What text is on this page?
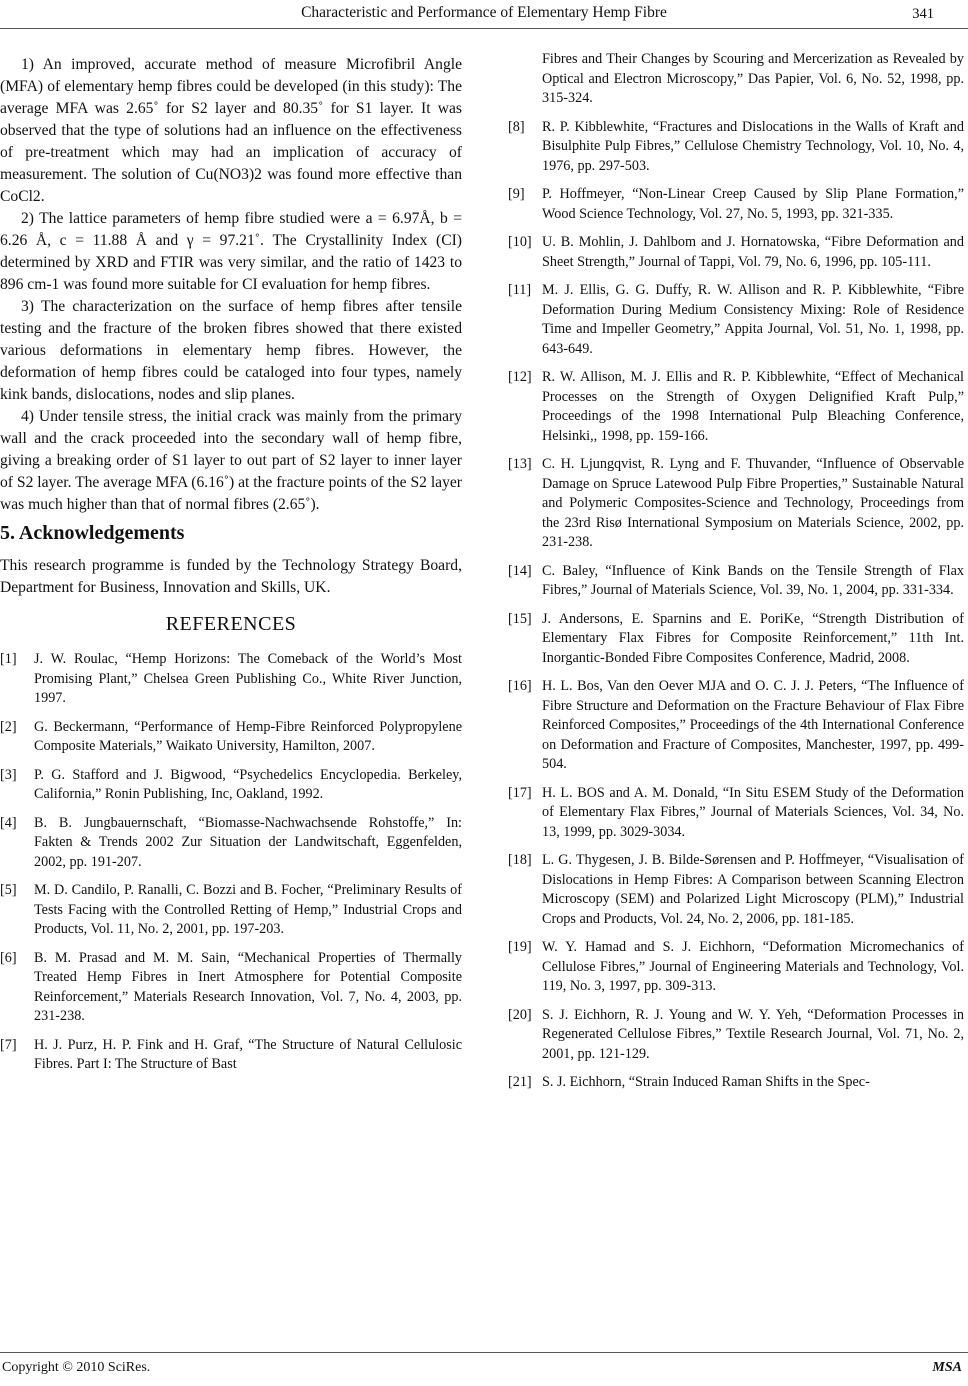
Characteristic and Performance of Elementary Hemp Fibre	341

1) An improved, accurate method of measure Microfibril Angle (MFA) of elementary hemp fibres could be developed (in this study): The average MFA was 2.65˚ for S2 layer and 80.35˚ for S1 layer. It was observed that the type of solutions had an influence on the effectiveness of pre-treatment which may had an implication of accuracy of measurement. The solution of Cu(NO3)2 was found more effective than CoCl2.

2) The lattice parameters of hemp fibre studied were a = 6.97Å, b = 6.26 Å, c = 11.88 Å and γ = 97.21˚. The Crystallinity Index (CI) determined by XRD and FTIR was very similar, and the ratio of 1423 to 896 cm-1 was found more suitable for CI evaluation for hemp fibres.

3) The characterization on the surface of hemp fibres after tensile testing and the fracture of the broken fibres showed that there existed various deformations in elementary hemp fibres. However, the deformation of hemp fibres could be cataloged into four types, namely kink bands, dislocations, nodes and slip planes.

4) Under tensile stress, the initial crack was mainly from the primary wall and the crack proceeded into the secondary wall of hemp fibre, giving a breaking order of S1 layer to out part of S2 layer to inner layer of S2 layer. The average MFA (6.16˚) at the fracture points of the S2 layer was much higher than that of normal fibres (2.65˚).

5. Acknowledgements

This research programme is funded by the Technology Strategy Board, Department for Business, Innovation and Skills, UK.

REFERENCES
[1]	J. W. Roulac, “Hemp Horizons: The Comeback of the World’s Most Promising Plant,” Chelsea Green Publishing Co., White River Junction, 1997.
[2]	G. Beckermann, “Performance of Hemp-Fibre Reinforced Polypropylene Composite Materials,” Waikato University, Hamilton, 2007.
[3]	P. G. Stafford and J. Bigwood, “Psychedelics Encyclopedia. Berkeley, California,” Ronin Publishing, Inc, Oakland, 1992.
[4]	B. B. Jungbauernschaft, “Biomasse-Nachwachsende Rohstoffe,” In: Fakten & Trends 2002 Zur Situation der Landwitschaft, Eggenfelden, 2002, pp. 191-207.
[5]	M. D. Candilo, P. Ranalli, C. Bozzi and B. Focher, “Preliminary Results of Tests Facing with the Controlled Retting of Hemp,” Industrial Crops and Products, Vol. 11, No. 2, 2001, pp. 197-203.
[6]	B. M. Prasad and M. M. Sain, “Mechanical Properties of Thermally Treated Hemp Fibres in Inert Atmosphere for Potential Composite Reinforcement,” Materials Research Innovation, Vol. 7, No. 4, 2003, pp. 231-238.
[7]	H. J. Purz, H. P. Fink and H. Graf, “The Structure of Natural Cellulosic Fibres. Part I: The Structure of Bast
Fibres and Their Changes by Scouring and Mercerization as Revealed by Optical and Electron Microscopy,” Das Papier, Vol. 6, No. 52, 1998, pp. 315-324.
[8]	R. P. Kibblewhite, “Fractures and Dislocations in the Walls of Kraft and Bisulphite Pulp Fibres,” Cellulose Chemistry Technology, Vol. 10, No. 4, 1976, pp. 297-503.
[9]	P. Hoffmeyer, “Non-Linear Creep Caused by Slip Plane Formation,” Wood Science Technology, Vol. 27, No. 5, 1993, pp. 321-335.
[10] U. B. Mohlin, J. Dahlbom and J. Hornatowska, “Fibre Deformation and Sheet Strength,” Journal of Tappi, Vol. 79, No. 6, 1996, pp. 105-111.
[11] M. J. Ellis, G. G. Duffy, R. W. Allison and R. P. Kibblewhite, “Fibre Deformation During Medium Consistency Mixing: Role of Residence Time and Impeller Geometry,” Appita Journal, Vol. 51, No. 1, 1998, pp. 643-649.
[12] R. W. Allison, M. J. Ellis and R. P. Kibblewhite, “Effect of Mechanical Processes on the Strength of Oxygen Delignified Kraft Pulp,” Proceedings of the 1998 International Pulp Bleaching Conference, Helsinki,, 1998, pp. 159-166.
[13] C. H. Ljungqvist, R. Lyng and F. Thuvander, “Influence of Observable Damage on Spruce Latewood Pulp Fibre Properties,” Sustainable Natural and Polymeric Composites-Science and Technology, Proceedings from the 23rd Risø International Symposium on Materials Science, 2002, pp. 231-238.
[14] C. Baley, “Influence of Kink Bands on the Tensile Strength of Flax Fibres,” Journal of Materials Science, Vol. 39, No. 1, 2004, pp. 331-334.
[15] J. Andersons, E. Sparnins and E. PoriKe, “Strength Distribution of Elementary Flax Fibres for Composite Reinforcement,” 11th Int. Inorgantic-Bonded Fibre Composites Conference, Madrid, 2008.
[16] H. L. Bos, Van den Oever MJA and O. C. J. J. Peters, “The Influence of Fibre Structure and Deformation on the Fracture Behaviour of Flax Fibre Reinforced Composites,” Proceedings of the 4th International Conference on Deformation and Fracture of Composites, Manchester, 1997, pp. 499-504.
[17] H. L. BOS and A. M. Donald, “In Situ ESEM Study of the Deformation of Elementary Flax Fibres,” Journal of Materials Sciences, Vol. 34, No. 13, 1999, pp. 3029-3034.
[18] L. G. Thygesen, J. B. Bilde-Sørensen and P. Hoffmeyer, “Visualisation of Dislocations in Hemp Fibres: A Comparison between Scanning Electron Microscopy (SEM) and Polarized Light Microscopy (PLM),” Industrial Crops and Products, Vol. 24, No. 2, 2006, pp. 181-185.
[19] W. Y. Hamad and S. J. Eichhorn, “Deformation Micromechanics of Cellulose Fibres,” Journal of Engineering Materials and Technology, Vol. 119, No. 3, 1997, pp. 309-313.
[20] S. J. Eichhorn, R. J. Young and W. Y. Yeh, “Deformation Processes in Regenerated Cellulose Fibres,” Textile Research Journal, Vol. 71, No. 2, 2001, pp. 121-129.
[21] S. J. Eichhorn, “Strain Induced Raman Shifts in the Spec-
Copyright © 2010 SciRes.	MSA
